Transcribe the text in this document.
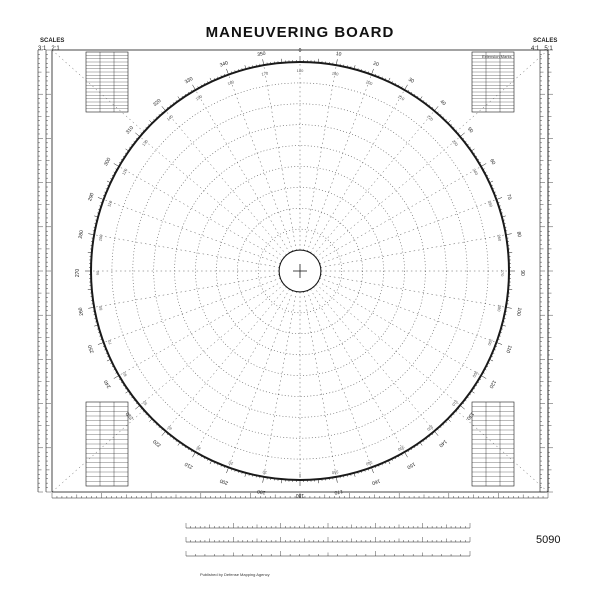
0	10
20
30
40
50
60
70
80
90
100
110
120
130
140
150
160
170
180
190
200
210
220
230
240
250
260
270
280
290
300
310
320
330
340
350
180
190
200
210
220
230
240
250
260
270
280
290
300
310
320
330
340
350
0
10
20
30
40
50
60
70
80
90
100
110
120
130
140
150
160
170
MANEUVERING BOARD
SCALES
3:1 2:1
SCALES
4:1 5:1
Extension Marks
Published by Defense Mapping Agency
5090
